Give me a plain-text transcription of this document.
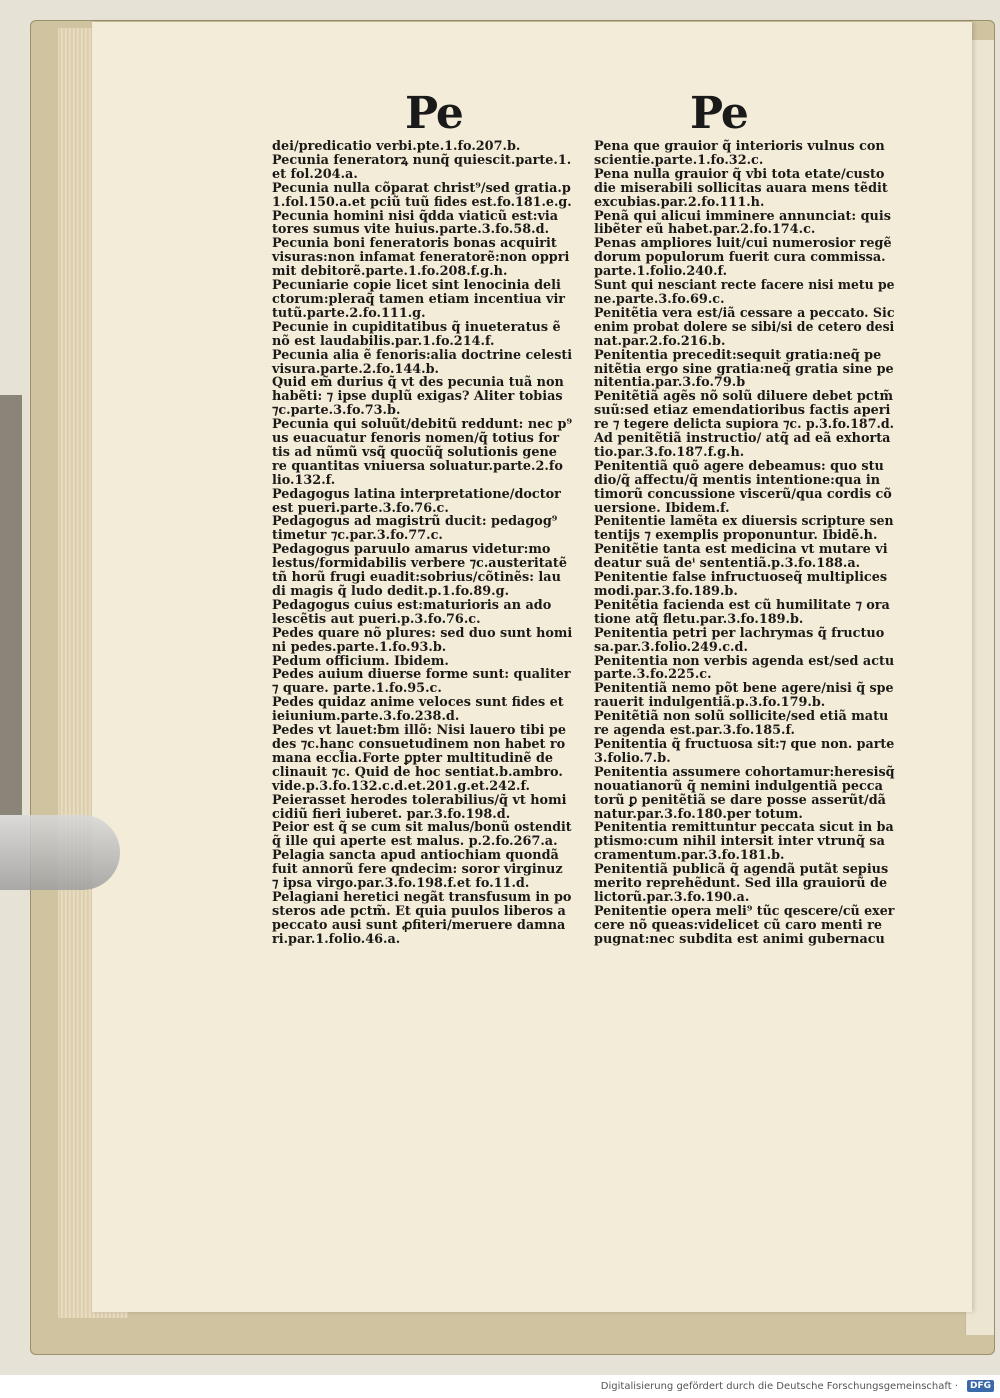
Pe	Pe
dei/predicatio verbi.pte.1.fo.207.b.
Pecunia feneratorꝝ nunq̃ quiescit.parte.1.
et fol.204.a.
Pecunia nulla cõparat christ⁹/sed gratia.p
1.fol.150.a.et pciũ tuũ fides est.fo.181.e.g.
Pecunia homini nisi q̃dda viaticũ est:via
tores sumus vite huius.parte.3.fo.58.d.
Pecunia boni feneratoris bonas acquirit
visuras:non infamat feneratorẽ:non oppri
mit debitorẽ.parte.1.fo.208.f.g.h.
Pecuniarie copie licet sint lenocinia deli
ctorum:pleraq̃ tamen etiam incentiua vir
tutũ.parte.2.fo.111.g.
Pecunie in cupiditatibus q̃ inueteratus ẽ
nõ est laudabilis.par.1.fo.214.f.
Pecunia alia ẽ fenoris:alia doctrine celesti
visura.parte.2.fo.144.b.
Quid em̃ durius q̃ vt des pecunia tuã non
habẽti: ⁊ ipse duplũ exigas? Aliter tobias
⁊c.parte.3.fo.73.b.
Pecunia qui soluũt/debitũ reddunt: nec p⁹
us euacuatur fenoris nomen/q̃ totius for
tis ad nũmũ vsq̃ quocũq̃ solutionis gene
re quantitas vniuersa soluatur.parte.2.fo
lio.132.f.
Pedagogus latina interpretatione/doctor
est pueri.parte.3.fo.76.c.
Pedagogus ad magistrũ ducit: pedagog⁹
timetur ⁊c.par.3.fo.77.c.
Pedagogus paruulo amarus videtur:mo
lestus/formidabilis verbere ⁊c.austeritatẽ
tñ horũ frugi euadit:sobrius/cõtinẽs: lau
di magis q̃ ludo dedit.p.1.fo.89.g.
Pedagogus cuius est:maturioris an ado
lescẽtis aut pueri.p.3.fo.76.c.
Pedes quare nõ plures: sed duo sunt homi
ni pedes.parte.1.fo.93.b.
Pedum officium. Ibidem.
Pedes auium diuerse forme sunt: qualiter
⁊ quare. parte.1.fo.95.c.
Pedes quidaz anime veloces sunt fides et
ieiunium.parte.3.fo.238.d.
Pedes vt lauet:ƀm illõ: Nisi lauero tibi pe
des ⁊c.hanc consuetudinem non habet ro
mana eccl̃ia.Forte ꝑpter multitudinẽ de
clinauit ⁊c. Quid de hoc sentiat.b.ambro.
vide.p.3.fo.132.c.d.et.201.g.et.242.f.
Peierasset herodes tolerabilius/q̃ vt homi
cidiũ fieri iuberet. par.3.fo.198.d.
Peior est q̃ se cum sit malus/bonũ ostendit
q̃ ille qui aperte est malus. p.2.fo.267.a.
Pelagia sancta apud antiochiam quondã
fuit annorũ fere qndecim: soror virginuz
⁊ ipsa virgo.par.3.fo.198.f.et fo.11.d.
Pelagiani heretici negãt transfusum in po
steros ade pctm̃. Et quia puulos liberos a
peccato ausi sunt ꝓfiteri/meruere damna
ri.par.1.folio.46.a.
Pena que grauior q̃ interioris vulnus con
scientie.parte.1.fo.32.c.
Pena nulla grauior q̃ vbi tota etate/custo
die miserabili sollicitas auara mens tẽdit
excubias.par.2.fo.111.h.
Penã qui alicui imminere annunciat: quis
libẽter eũ habet.par.2.fo.174.c.
Penas ampliores luit/cui numerosior regẽ
dorum populorum fuerit cura commissa.
parte.1.folio.240.f.
Sunt qui nesciant recte facere nisi metu pe
ne.parte.3.fo.69.c.
Penitẽtia vera est/iã cessare a peccato. Sic
enim probat dolere se sibi/si de cetero desi
nat.par.2.fo.216.b.
Penitentia precedit:sequit gratia:neq̃ pe
nitẽtia ergo sine gratia:neq̃ gratia sine pe
nitentia.par.3.fo.79.b
Penitẽtiã agẽs nõ solũ diluere debet pctm̃
suũ:sed etiaz emendatioribus factis aperi
re ⁊ tegere delicta supiora ⁊c. p.3.fo.187.d.
Ad penitẽtiã instructio/ atq̃ ad eã exhorta
tio.par.3.fo.187.f.g.h.
Penitentiã quõ agere debeamus: quo stu
dio/q̃ affectu/q̃ mentis intentione:qua in
timorũ concussione viscerũ/qua cordis cõ
uersione. Ibidem.f.
Penitentie lamẽta ex diuersis scripture sen
tentijs ⁊ exemplis proponuntur. Ibidẽ.h.
Penitẽtie tanta est medicina vt mutare vi
deatur suã deⁱ sententiã.p.3.fo.188.a.
Penitentie false infructuoseq̃ multiplices
modi.par.3.fo.189.b.
Penitẽtia facienda est cũ humilitate ⁊ ora
tione atq̃ fletu.par.3.fo.189.b.
Penitentia petri per lachrymas q̃ fructuo
sa.par.3.folio.249.c.d.
Penitentia non verbis agenda est/sed actu
parte.3.fo.225.c.
Penitentiã nemo põt bene agere/nisi q̃ spe
rauerit indulgentiã.p.3.fo.179.b.
Penitẽtiã non solũ sollicite/sed etiã matu
re agenda est.par.3.fo.185.f.
Penitentia q̃ fructuosa sit:⁊ que non. parte
3.folio.7.b.
Penitentia assumere cohortamur:heresisq̃
nouatianorũ q̃ nemini indulgentiã pecca
torũ ꝑ penitẽtiã se dare posse asserũt/dã
natur.par.3.fo.180.per totum.
Penitentia remittuntur peccata sicut in ba
ptismo:cum nihil intersit inter vtrunq̃ sa
cramentum.par.3.fo.181.b.
Penitentiã publicã q̃ agendã putãt sepius
merito reprehẽdunt. Sed illa grauiorũ de
lictorũ.par.3.fo.190.a.
Penitentie opera meli⁹ tũc qescere/cũ exer
cere nõ queas:videlicet cũ caro menti re
pugnat:nec subdita est animi gubernacu
Digitalisierung gefördert durch die Deutsche Forschungsgemeinschaft ·	DFG
